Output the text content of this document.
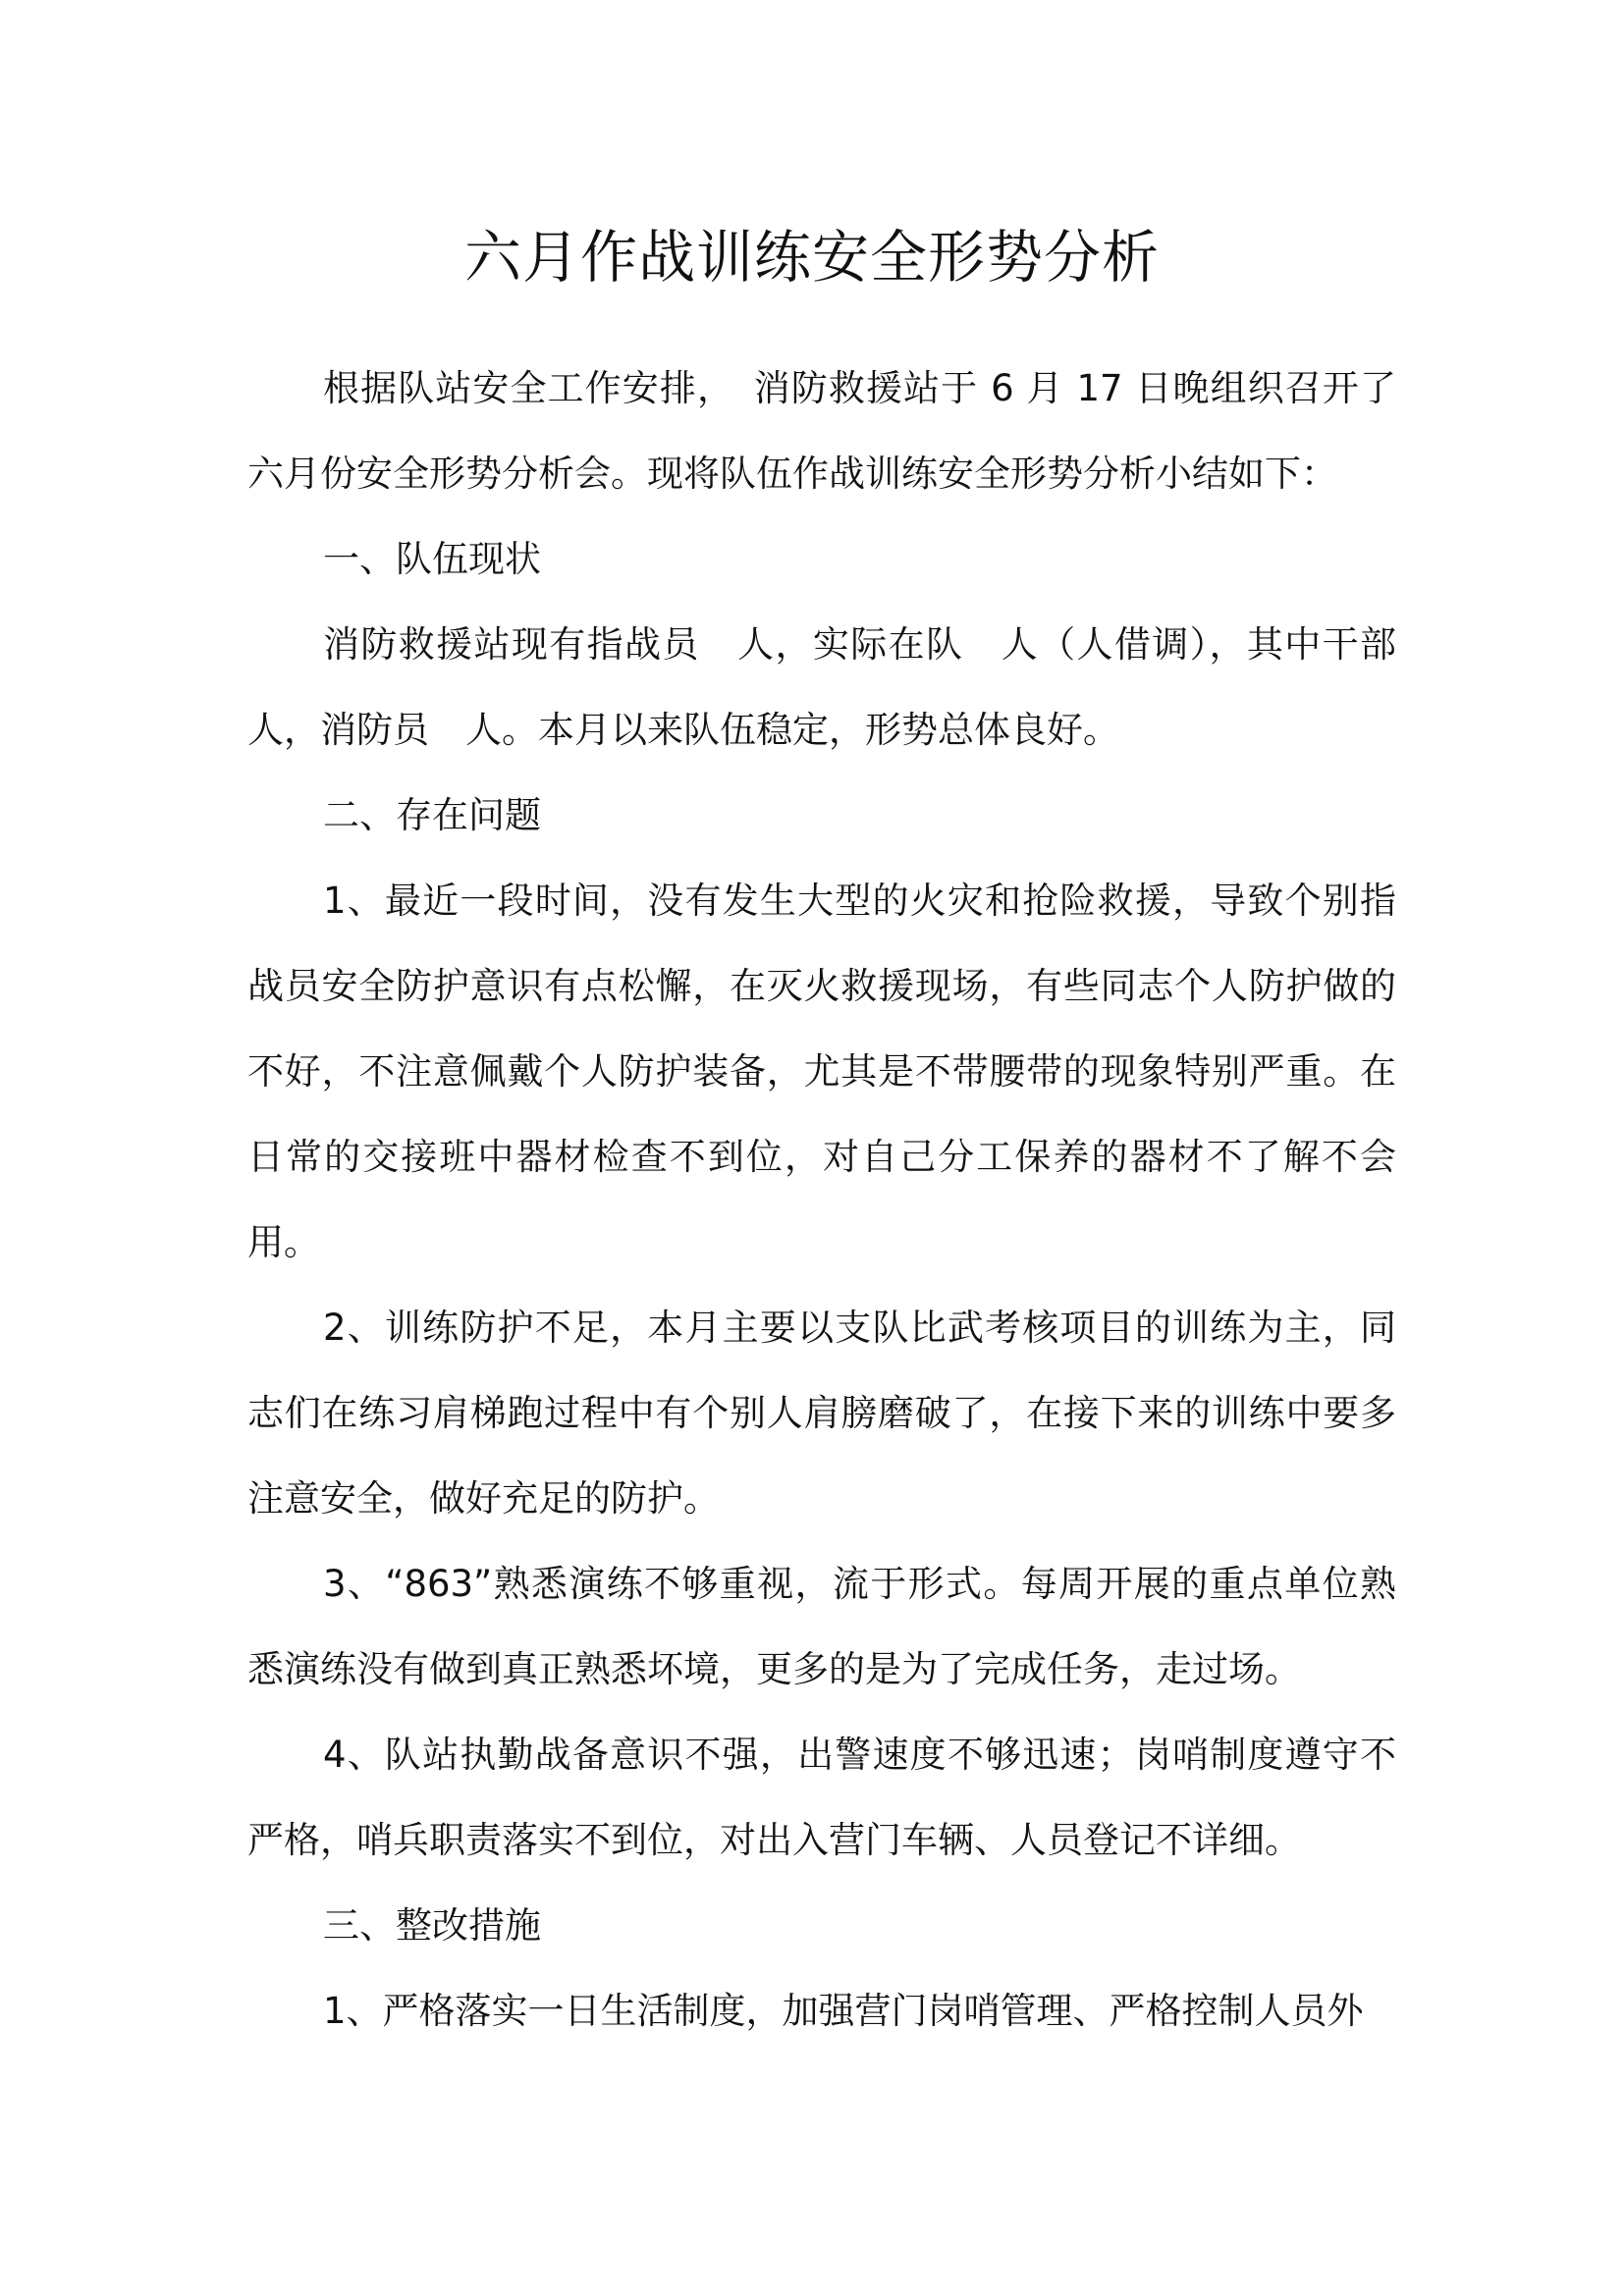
六月作战训练安全形势分析

根据队站安全工作安排，　消防救援站于 6 月 17 日晚组织召开了六月份安全形势分析会。现将队伍作战训练安全形势分析小结如下：

一、队伍现状

消防救援站现有指战员　人，实际在队　人（人借调），其中干部　人，消防员　人。本月以来队伍稳定，形势总体良好。

二、存在问题

1、最近一段时间，没有发生大型的火灾和抢险救援，导致个别指战员安全防护意识有点松懈，在灭火救援现场，有些同志个人防护做的不好，不注意佩戴个人防护装备，尤其是不带腰带的现象特别严重。在日常的交接班中器材检查不到位，对自己分工保养的器材不了解不会用。

2、训练防护不足，本月主要以支队比武考核项目的训练为主，同志们在练习肩梯跑过程中有个别人肩膀磨破了，在接下来的训练中要多注意安全，做好充足的防护。

3、“863”熟悉演练不够重视，流于形式。每周开展的重点单位熟悉演练没有做到真正熟悉坏境，更多的是为了完成任务，走过场。

4、队站执勤战备意识不强，出警速度不够迅速；岗哨制度遵守不严格，哨兵职责落实不到位，对出入营门车辆、人员登记不详细。

三、整改措施

1、严格落实一日生活制度，加强营门岗哨管理、严格控制人员外
